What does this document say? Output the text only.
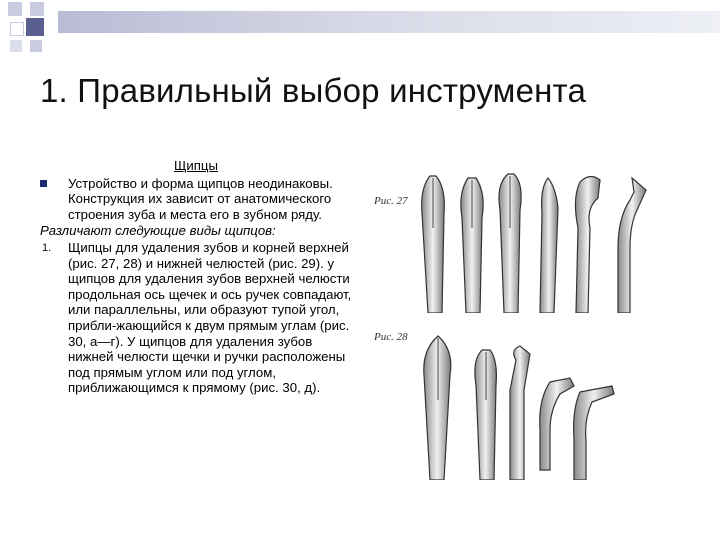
1. Правильный выбор инструмента
Щипцы
Устройство и форма щипцов неодинаковы. Конструкция их зависит от анатомического строения зуба и места его в зубном ряду.
Различают следующие виды щипцов:
1. Щипцы для удаления зубов и корней верхней (рис. 27, 28) и нижней челюстей (рис. 29). у щипцов для удаления зубов верхней челюсти продольная ось щечек и ось ручек совпадают, или параллельны, или образуют тупой угол, прибли-жающийся к двум прямым углам (рис. 30, а—г). У щипцов для удаления зубов нижней челюсти щечки и ручки расположены под прямым углом или под углом, приближающимся к прямому (рис. 30, д).
Рис. 27
Рис. 28
